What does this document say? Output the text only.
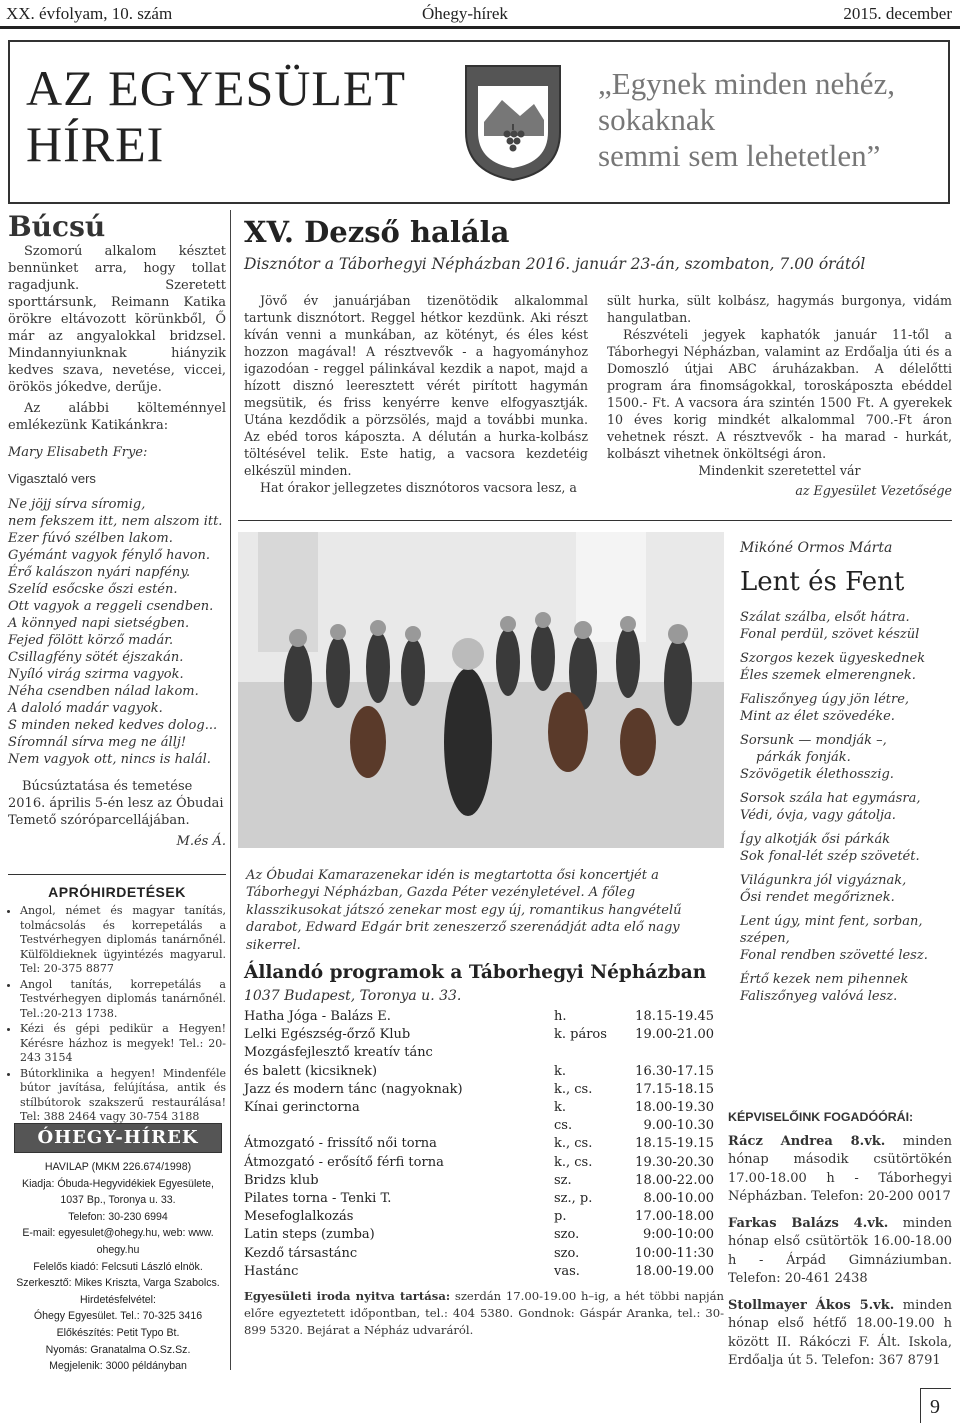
XX. évfolyam, 10. szám	Óhegy-hírek	2015. december
AZ EGYESÜLET
HÍREI
„Egynek minden nehéz,
sokaknak
semmi sem lehetetlen”
Búcsú

Szomorú alkalom késztet bennünket arra, hogy tollat ragadjunk. Szeretett sporttársunk, Reimann Katika örökre eltávozott körünkből, Ő már az angyalokkal bridzsel. Mindannyiunknak hiányzik kedves szava, nevetése, viccei, örökös jókedve, derűje.

Az alábbi költeménnyel emlékezünk Katikánkra:

Mary Elisabeth Frye:

Vigasztaló vers

Ne jöjj sírva síromig,
nem fekszem itt, nem alszom itt.
Ezer fúvó szélben lakom.
Gyémánt vagyok fénylő havon.
Érő kalászon nyári napfény.
Szelíd esőcske őszi estén.
Ott vagyok a reggeli csendben.
A könnyed napi sietségben.
Fejed fölött körző madár.
Csillagfény sötét éjszakán.
Nyíló virág szirma vagyok.
Néha csendben nálad lakom.
A daloló madár vagyok.
S minden neked kedves dolog...
Síromnál sírva meg ne állj!
Nem vagyok ott, nincs is halál.

Búcsúztatása és temetése 2016. április 5-én lesz az Óbudai Temető szóróparcellájában.

M.és Á.

APRÓHIRDETÉSEK
• Angol, német és magyar tanítás, tolmácsolás és korrepetálás a Testvérhegyen diplomás tanárnőnél. Külföldieknek ügyintézés magyarul. Tel: 20-375 8877
• Angol tanítás, korrepetálás a Testvérhegyen diplomás tanárnőnél. Tel.:20-213 1738.
• Kézi és gépi pedikür a Hegyen! Kérésre házhoz is megyek! Tel.: 20-243 3154
• Bútorklinika a hegyen! Mindenféle bútor javítása, felújítása, antik és stílbútorok szakszerű restaurálása! Tel: 388 2464 vagy 30-754 3188
ÓHEGY-HÍREK
HAVILAP (MKM 226.674/1998)
Kiadja: Óbuda-Hegyvidékiek Egyesülete,
1037 Bp., Toronya u. 33.
Telefon: 30-230 6994
E-mail: egyesulet@ohegy.hu, web: www.
ohegy.hu
Felelős kiadó: Felcsuti László elnök.
Szerkesztő: Mikes Kriszta, Varga Szabolcs.
Hirdetésfelvétel:
Óhegy Egyesület. Tel.: 70-325 3416
Előkészítés: Petit Typo Bt.
Nyomás: Granatalma O.Sz.Sz.
Megjelenik: 3000 példányban
XV. Dezső halála
Disznótor a Táborhegyi Népházban 2016. január 23-án, szombaton, 7.00 órától
Jövő év januárjában tizenötödik alkalommal tartunk disznótort. Reggel hétkor kezdünk. Aki részt kíván venni a munkában, az kötényt, és éles kést hozzon magával! A résztvevők - a hagyományhoz igazodóan - reggel pálinkával kezdik a napot, majd a hízott disznó leeresztett vérét pirított hagymán megsütik, és friss kenyérre kenve elfogyasztják. Utána kezdődik a pörzsölés, majd a további munka. Az ebéd toros káposzta. A délután a hurka-kolbász töltésével telik. Este hatig, a vacsora kezdetéig elkészül minden.
Hat órakor jellegzetes disznótoros vacsora lesz, a
sült hurka, sült kolbász, hagymás burgonya, vidám hangulatban.
Részvételi jegyek kaphatók január 11-től a Táborhegyi Népházban, valamint az Erdőalja úti és a Domoszló útjai ABC áruházakban. A délelőtti program ára finomságokkal, toroskáposzta ebéddel 1500.- Ft. A vacsora ára szintén 1500 Ft. A gyerekek 10 éves korig mindkét alkalommal 700.-Ft áron vehetnek részt. A résztvevők - ha marad - hurkát, kolbászt vihetnek önköltségi áron.
Mindenkit szeretettel vár
az Egyesület Vezetősége
Az Óbudai Kamarazenekar idén is megtartotta ősi koncertjét a Táborhegyi Népházban, Gazda Péter vezényletével. A főleg klasszikusokat játszó zenekar most egy új, romantikus hangvételű darabot, Edward Edgár brit zeneszerző szerenádját adta elő nagy sikerrel.
Állandó programok a Táborhegyi Népházban
1037 Budapest, Toronya u. 33.
Hatha Jóga - Balázs E.	h.	18.15-19.45
Lelki Egészség-őrző Klub	k. páros	19.00-21.00
Mozgásfejlesztő kreatív tánc		
és balett (kicsiknek)	k.	16.30-17.15
Jazz és modern tánc (nagyoknak)	k., cs.	17.15-18.15
Kínai gerinctorna	k.	18.00-19.30
	cs.	9.00-10.30
Átmozgató - frissítő női torna	k., cs.	18.15-19.15
Átmozgató - erősítő férfi torna	k., cs.	19.30-20.30
Bridzs klub	sz.	18.00-22.00
Pilates torna - Tenki T.	sz., p.	8.00-10.00
Mesefoglalkozás	p.	17.00-18.00
Latin steps (zumba)	szo.	9:00-10:00
Kezdő társastánc	szo.	10:00-11:30
Hastánc	vas.	18.00-19.00
Egyesületi iroda nyitva tartása: szerdán 17.00-19.00 h–ig, a hét többi napján előre egyeztetett időpontban, tel.: 404 5380. Gondnok: Gáspár Aranka, tel.: 30-899 5320. Bejárat a Népház udvaráról.
Mikóné Ormos Márta
Lent és Fent

Szálat szálba, elsőt hátra.
Fonal perdül, szövet készül

Szorgos kezek ügyeskednek
Éles szemek elmerengnek.

Faliszőnyeg úgy jön létre,
Mint az élet szövedéke.

Sorsunk — mondják –,
párkák fonják.
Szövögetik élethosszig.

Sorsok szála hat egymásra,
Védi, óvja, vagy gátolja.

Így alkotják ősi párkák
Sok fonal-lét szép szövetét.

Világunkra jól vigyáznak,
Ősi rendet megőriznek.

Lent úgy, mint fent, sorban, szépen,
Fonal rendben szövetté lesz.

Értő kezek nem pihennek
Faliszőnyeg valóvá lesz.

KÉPVISELŐINK FOGADÓÓRÁI:
Rácz Andrea 8.vk. minden hónap második csütörtökén 17.00-18.00 h - Táborhegyi Népházban. Telefon: 20-200 0017
Farkas Balázs 4.vk. minden hónap első csütörtök 16.00-18.00 h - Árpád Gimnáziumban. Telefon: 20-461 2438
Stollmayer Ákos 5.vk. minden hónap első hétfő 18.00-19.00 h között II. Rákóczi F. Ált. Iskola, Erdőalja út 5. Telefon: 367 8791
9
